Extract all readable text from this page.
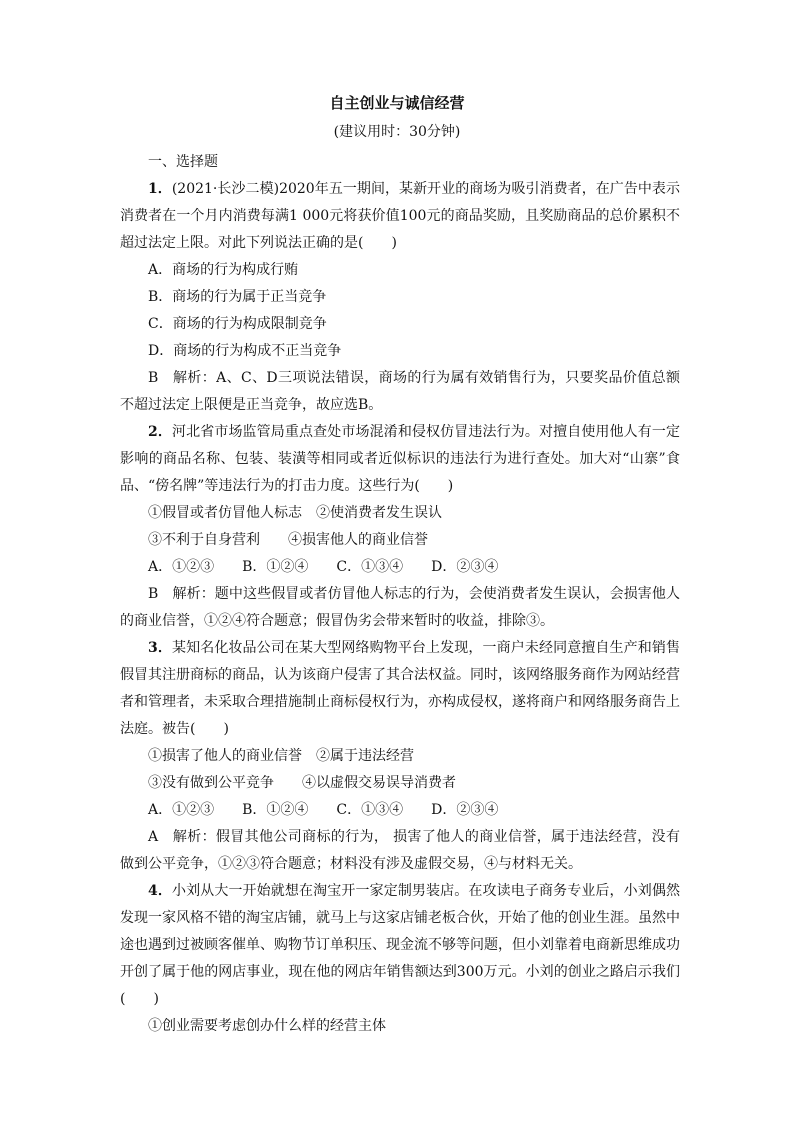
自主创业与诚信经营
(建议用时：30分钟)

一、选择题

1．(2021·长沙二模)2020年五一期间，某新开业的商场为吸引消费者，在广告中表示消费者在一个月内消费每满1 000元将获价值100元的商品奖励，且奖励商品的总价累积不超过法定上限。对此下列说法正确的是(　　)

A．商场的行为构成行贿

B．商场的行为属于正当竞争

C．商场的行为构成限制竞争

D．商场的行为构成不正当竞争

B　解析：A、C、D三项说法错误，商场的行为属有效销售行为，只要奖品价值总额不超过法定上限便是正当竞争，故应选B。

2．河北省市场监管局重点查处市场混淆和侵权仿冒违法行为。对擅自使用他人有一定影响的商品名称、包装、装潢等相同或者近似标识的违法行为进行查处。加大对“山寨”食品、“傍名牌”等违法行为的打击力度。这些行为(　　)

①假冒或者仿冒他人标志　②使消费者发生误认

③不利于自身营利　　④损害他人的商业信誉

A．①②③　　B．①②④　　C．①③④　　D．②③④

B　解析：题中这些假冒或者仿冒他人标志的行为，会使消费者发生误认，会损害他人的商业信誉，①②④符合题意；假冒伪劣会带来暂时的收益，排除③。

3．某知名化妆品公司在某大型网络购物平台上发现，一商户未经同意擅自生产和销售假冒其注册商标的商品，认为该商户侵害了其合法权益。同时，该网络服务商作为网站经营者和管理者，未采取合理措施制止商标侵权行为，亦构成侵权，遂将商户和网络服务商告上法庭。被告(　　)

①损害了他人的商业信誉　②属于违法经营

③没有做到公平竞争　　④以虚假交易误导消费者

A．①②③　　B．①②④　　C．①③④　　D．②③④

A　解析：假冒其他公司商标的行为， 损害了他人的商业信誉，属于违法经营，没有做到公平竞争，①②③符合题意；材料没有涉及虚假交易，④与材料无关。

4．小刘从大一开始就想在淘宝开一家定制男装店。在攻读电子商务专业后，小刘偶然发现一家风格不错的淘宝店铺，就马上与这家店铺老板合伙，开始了他的创业生涯。虽然中途也遇到过被顾客催单、购物节订单积压、现金流不够等问题，但小刘靠着电商新思维成功开创了属于他的网店事业，现在他的网店年销售额达到300万元。小刘的创业之路启示我们(　　)

①创业需要考虑创办什么样的经营主体
